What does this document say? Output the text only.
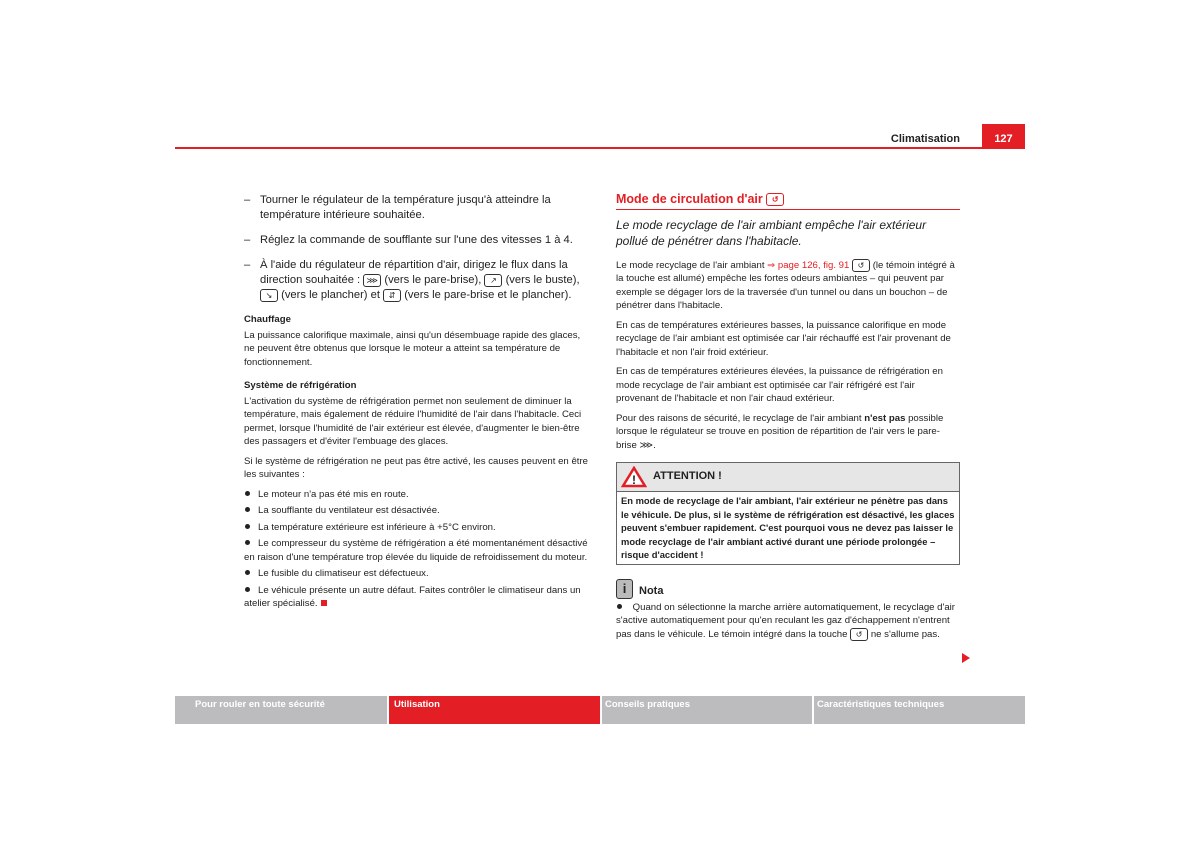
Climatisation	127
– Tourner le régulateur de la température jusqu'à atteindre la température intérieure souhaitée.
– Réglez la commande de soufflante sur l'une des vitesses 1 à 4.
– À l'aide du régulateur de répartition d'air, dirigez le flux dans la direction souhaitée : ⋙ (vers le pare-brise), ↗ (vers le buste), ↘ (vers le plancher) et ⇵ (vers le pare-brise et le plancher).
Chauffage

La puissance calorifique maximale, ainsi qu'un désembuage rapide des glaces, ne peuvent être obtenus que lorsque le moteur a atteint sa température de fonctionnement.

Système de réfrigération

L'activation du système de réfrigération permet non seulement de diminuer la température, mais également de réduire l'humidité de l'air dans l'habitacle. Ceci permet, lorsque l'humidité de l'air extérieur est élevée, d'augmenter le bien-être des passagers et d'éviter l'embuage des glaces.

Si le système de réfrigération ne peut pas être activé, les causes peuvent en être les suivantes :

Le moteur n'a pas été mis en route.
La soufflante du ventilateur est désactivée.
La température extérieure est inférieure à +5°C environ.
Le compresseur du système de réfrigération a été momentanément désactivé en raison d'une température trop élevée du liquide de refroidissement du moteur.
Le fusible du climatiseur est défectueux.
Le véhicule présente un autre défaut. Faites contrôler le climatiseur dans un atelier spécialisé.
Mode de circulation d'air ↺
Le mode recyclage de l'air ambiant empêche l'air extérieur pollué de pénétrer dans l'habitacle.

Le mode recyclage de l'air ambiant ⇒ page 126, fig. 91 ↺ (le témoin intégré à la touche est allumé) empêche les fortes odeurs ambiantes – qui peuvent par exemple se dégager lors de la traversée d'un tunnel ou dans un bouchon – de pénétrer dans l'habitacle.

En cas de températures extérieures basses, la puissance calorifique en mode recyclage de l'air ambiant est optimisée car l'air réchauffé est l'air provenant de l'habitacle et non l'air froid extérieur.

En cas de températures extérieures élevées, la puissance de réfrigération en mode recyclage de l'air ambiant est optimisée car l'air réfrigéré est l'air provenant de l'habitacle et non l'air chaud extérieur.

Pour des raisons de sécurité, le recyclage de l'air ambiant n'est pas possible lorsque le régulateur se trouve en position de répartition de l'air vers le pare-brise ⋙.

! ATTENTION !
En mode de recyclage de l'air ambiant, l'air extérieur ne pénètre pas dans le véhicule. De plus, si le système de réfrigération est désactivé, les glaces peuvent s'embuer rapidement. C'est pourquoi vous ne devez pas laisser le mode recyclage de l'air ambiant activé durant une période prolongée – risque d'accident !
i	Nota

Quand on sélectionne la marche arrière automatiquement, le recyclage d'air s'active automatiquement pour qu'en reculant les gaz d'échappement n'entrent pas dans le véhicule. Le témoin intégré dans la touche ↺ ne s'allume pas.

Pour rouler en toute sécurité	Utilisation	Conseils pratiques	Caractéristiques techniques
